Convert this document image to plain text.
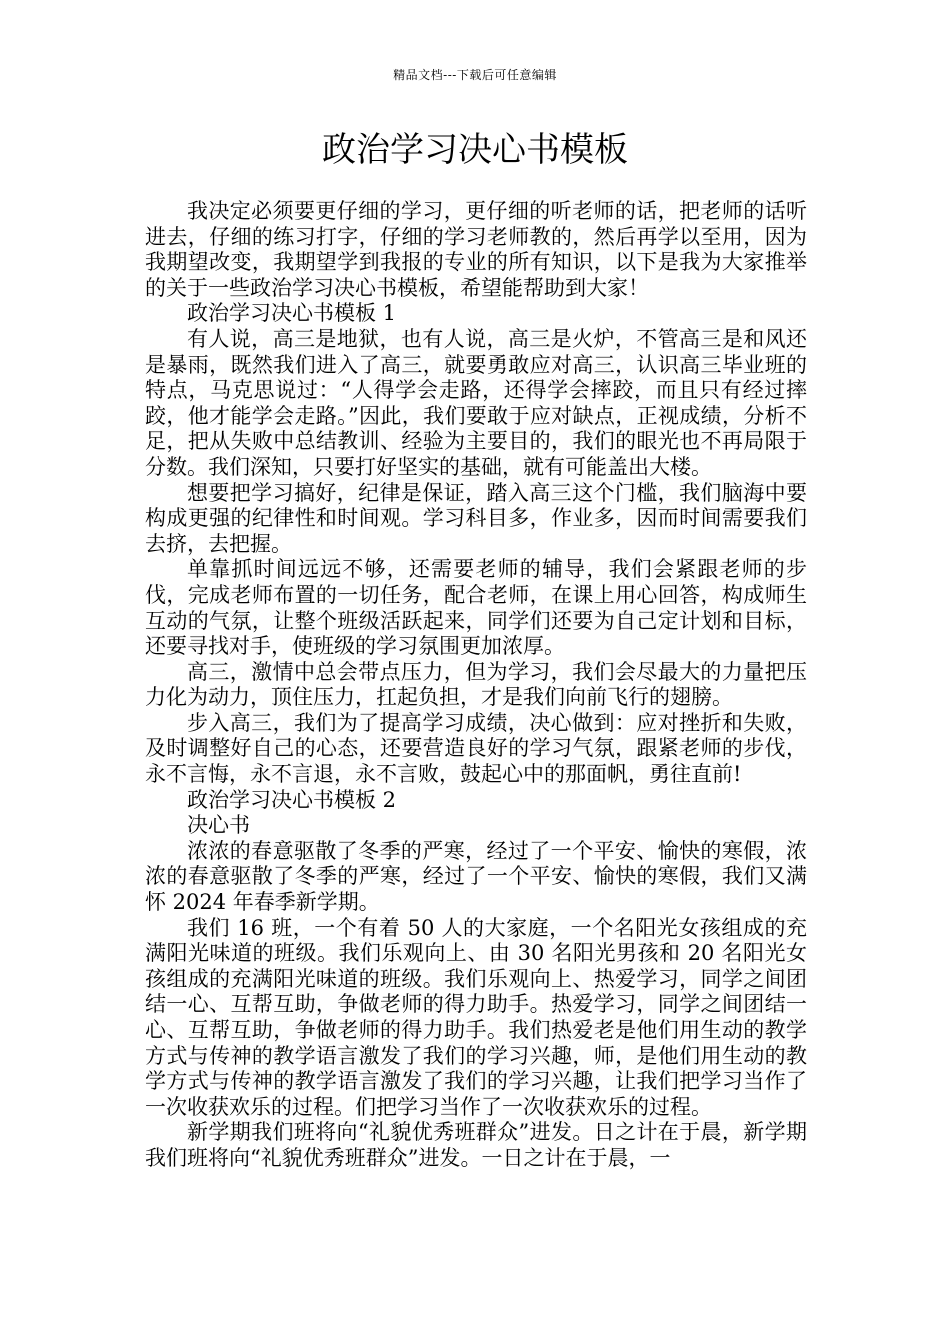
精品文档---下载后可任意编辑
政治学习决心书模板

我决定必须要更仔细的学习，更仔细的听老师的话，把老师的话听进去，仔细的练习打字，仔细的学习老师教的，然后再学以至用，因为我期望改变，我期望学到我报的专业的所有知识，以下是我为大家推举的关于一些政治学习决心书模板，希望能帮助到大家！

政治学习决心书模板 1

有人说，高三是地狱，也有人说，高三是火炉，不管高三是和风还是暴雨，既然我们进入了高三，就要勇敢应对高三，认识高三毕业班的特点，马克思说过：“人得学会走路，还得学会摔跤，而且只有经过摔跤，他才能学会走路。”因此，我们要敢于应对缺点，正视成绩，分析不足，把从失败中总结教训、经验为主要目的，我们的眼光也不再局限于分数。我们深知，只要打好坚实的基础，就有可能盖出大楼。

想要把学习搞好，纪律是保证，踏入高三这个门槛，我们脑海中要构成更强的纪律性和时间观。学习科目多，作业多，因而时间需要我们去挤，去把握。

单靠抓时间远远不够，还需要老师的辅导，我们会紧跟老师的步伐，完成老师布置的一切任务，配合老师，在课上用心回答，构成师生互动的气氛，让整个班级活跃起来，同学们还要为自己定计划和目标，还要寻找对手，使班级的学习氛围更加浓厚。

高三，激情中总会带点压力，但为学习，我们会尽最大的力量把压力化为动力，顶住压力，扛起负担，才是我们向前飞行的翅膀。

步入高三，我们为了提高学习成绩，决心做到：应对挫折和失败，及时调整好自己的心态，还要营造良好的学习气氛，跟紧老师的步伐，永不言悔，永不言退，永不言败，鼓起心中的那面帆，勇往直前!

政治学习决心书模板 2

决心书

浓浓的春意驱散了冬季的严寒，经过了一个平安、愉快的寒假，浓浓的春意驱散了冬季的严寒，经过了一个平安、愉快的寒假，我们又满怀 2024 年春季新学期。

我们 16 班，一个有着 50 人的大家庭，一个名阳光女孩组成的充满阳光味道的班级。我们乐观向上、由 30 名阳光男孩和 20 名阳光女孩组成的充满阳光味道的班级。我们乐观向上、热爱学习，同学之间团结一心、互帮互助，争做老师的得力助手。热爱学习，同学之间团结一心、互帮互助，争做老师的得力助手。我们热爱老是他们用生动的教学方式与传神的教学语言激发了我们的学习兴趣，师，是他们用生动的教学方式与传神的教学语言激发了我们的学习兴趣，让我们把学习当作了一次收获欢乐的过程。们把学习当作了一次收获欢乐的过程。

新学期我们班将向“礼貌优秀班群众”进发。日之计在于晨，新学期我们班将向“礼貌优秀班群众”进发。一日之计在于晨，一
